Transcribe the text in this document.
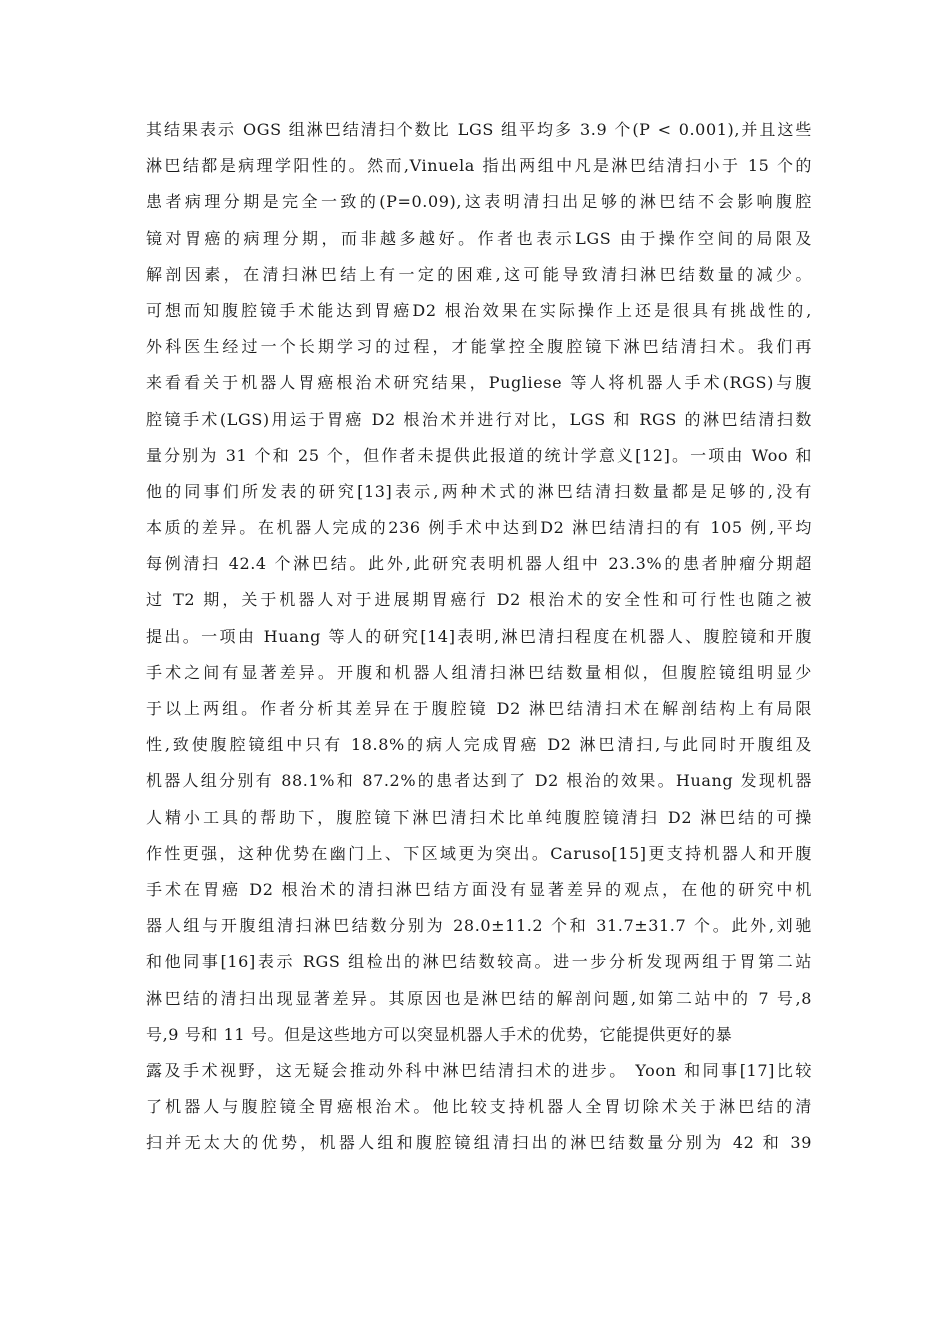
其结果表示 OGS 组淋巴结清扫个数比 LGS 组平均多 3.9 个(P < 0.001),并且这些
淋巴结都是病理学阳性的。然而,Vinuela 指出两组中凡是淋巴结清扫小于 15 个的
患者病理分期是完全一致的(P=0.09),这表明清扫出足够的淋巴结不会影响腹腔
镜对胃癌的病理分期，而非越多越好。作者也表示LGS 由于操作空间的局限及
解剖因素，在清扫淋巴结上有一定的困难,这可能导致清扫淋巴结数量的减少。
可想而知腹腔镜手术能达到胃癌D2 根治效果在实际操作上还是很具有挑战性的,
外科医生经过一个长期学习的过程，才能掌控全腹腔镜下淋巴结清扫术。我们再
来看看关于机器人胃癌根治术研究结果，Pugliese 等人将机器人手术(RGS)与腹
腔镜手术(LGS)用运于胃癌 D2 根治术并进行对比，LGS 和 RGS 的淋巴结清扫数
量分别为 31 个和 25 个，但作者未提供此报道的统计学意义[12]。一项由 Woo 和
他的同事们所发表的研究[13]表示,两种术式的淋巴结清扫数量都是足够的,没有
本质的差异。在机器人完成的236 例手术中达到D2 淋巴结清扫的有 105 例,平均
每例清扫 42.4 个淋巴结。此外,此研究表明机器人组中 23.3%的患者肿瘤分期超
过 T2 期，关于机器人对于进展期胃癌行 D2 根治术的安全性和可行性也随之被
提出。一项由 Huang 等人的研究[14]表明,淋巴清扫程度在机器人、腹腔镜和开腹
手术之间有显著差异。开腹和机器人组清扫淋巴结数量相似，但腹腔镜组明显少
于以上两组。作者分析其差异在于腹腔镜 D2 淋巴结清扫术在解剖结构上有局限
性,致使腹腔镜组中只有 18.8%的病人完成胃癌 D2 淋巴清扫,与此同时开腹组及
机器人组分别有 88.1%和 87.2%的患者达到了 D2 根治的效果。Huang 发现机器
人精小工具的帮助下，腹腔镜下淋巴清扫术比单纯腹腔镜清扫 D2 淋巴结的可操
作性更强，这种优势在幽门上、下区域更为突出。Caruso[15]更支持机器人和开腹
手术在胃癌 D2 根治术的清扫淋巴结方面没有显著差异的观点，在他的研究中机
器人组与开腹组清扫淋巴结数分别为 28.0±11.2 个和 31.7±31.7 个。此外,刘驰
和他同事[16]表示 RGS 组检出的淋巴结数较高。进一步分析发现两组于胃第二站
淋巴结的清扫出现显著差异。其原因也是淋巴结的解剖问题,如第二站中的 7 号,8
号,9 号和 11 号。但是这些地方可以突显机器人手术的优势，它能提供更好的暴
露及手术视野，这无疑会推动外科中淋巴结清扫术的进步。 Yoon 和同事[17]比较
了机器人与腹腔镜全胃癌根治术。他比较支持机器人全胃切除术关于淋巴结的清
扫并无太大的优势，机器人组和腹腔镜组清扫出的淋巴结数量分别为 42 和 39
